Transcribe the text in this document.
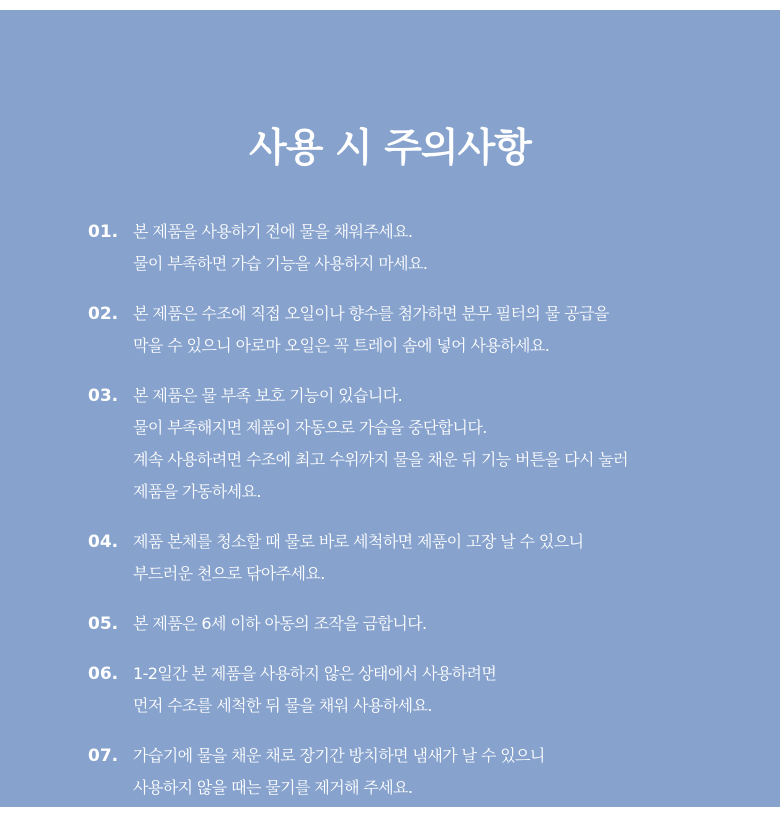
사용 시 주의사항
01. 본 제품을 사용하기 전에 물을 채워주세요.
물이 부족하면 가습 기능을 사용하지 마세요.
02. 본 제품은 수조에 직접 오일이나 향수를 첨가하면 분무 필터의 물 공급을
막을 수 있으니 아로마 오일은 꼭 트레이 솜에 넣어 사용하세요.
03. 본 제품은 물 부족 보호 기능이 있습니다.
물이 부족해지면 제품이 자동으로 가습을 중단합니다.
계속 사용하려면 수조에 최고 수위까지 물을 채운 뒤 기능 버튼을 다시 눌러
제품을 가동하세요.
04. 제품 본체를 청소할 때 물로 바로 세척하면 제품이 고장 날 수 있으니
부드러운 천으로 닦아주세요.
05. 본 제품은 6세 이하 아동의 조작을 금합니다.
06. 1-2일간 본 제품을 사용하지 않은 상태에서 사용하려면
먼저 수조를 세척한 뒤 물을 채워 사용하세요.
07. 가습기에 물을 채운 채로 장기간 방치하면 냄새가 날 수 있으니
사용하지 않을 때는 물기를 제거해 주세요.
